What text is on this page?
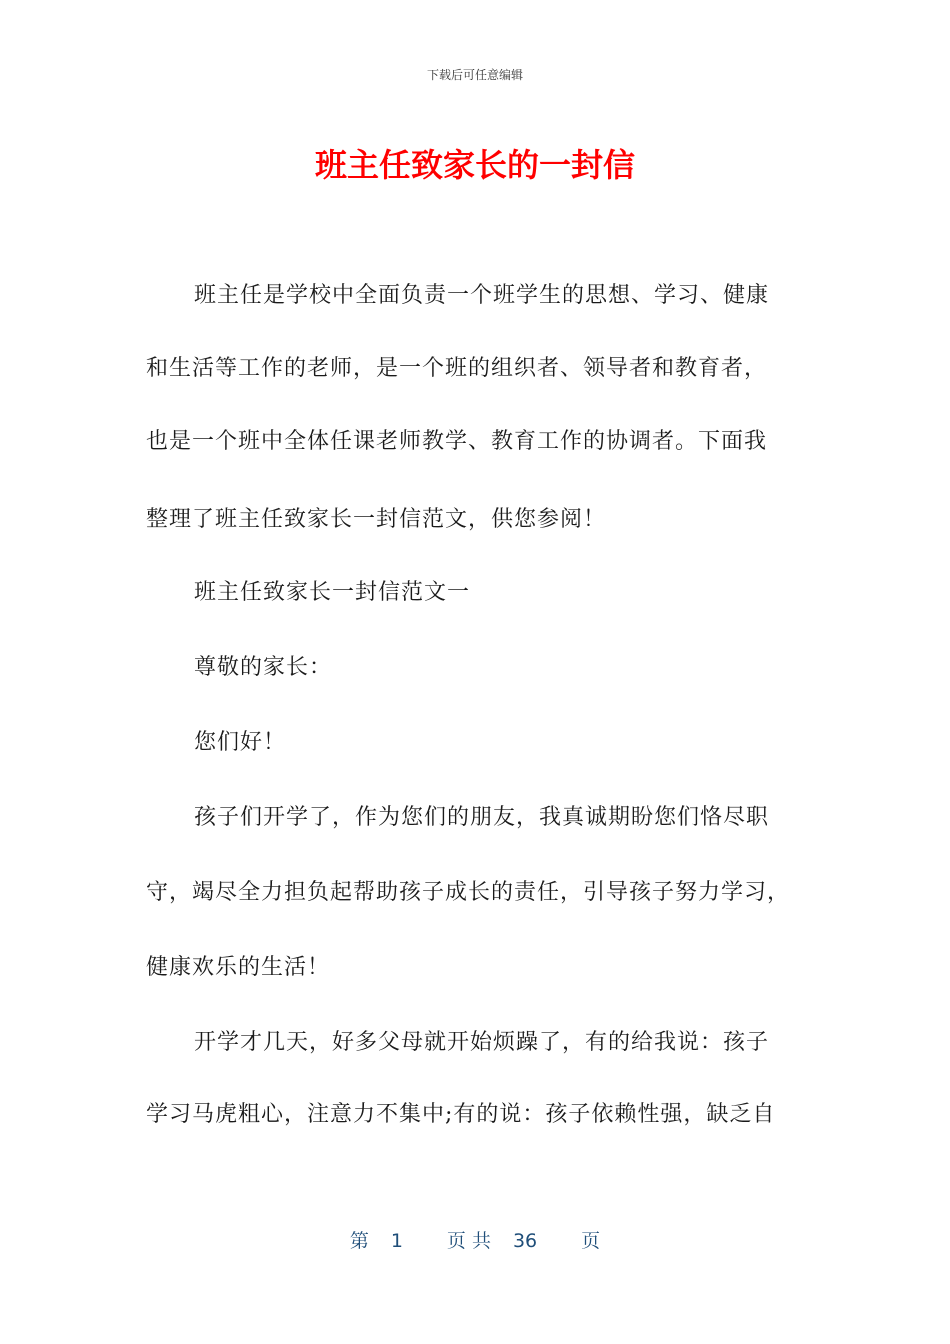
下载后可任意编辑
班主任致家长的一封信
班主任是学校中全面负责一个班学生的思想、学习、健康
和生活等工作的老师，是一个班的组织者、领导者和教育者，
也是一个班中全体任课老师教学、教育工作的协调者。下面我
整理了班主任致家长一封信范文，供您参阅！
班主任致家长一封信范文一
尊敬的家长：
您们好！
孩子们开学了，作为您们的朋友，我真诚期盼您们恪尽职
守，竭尽全力担负起帮助孩子成长的责任，引导孩子努力学习，
健康欢乐的生活！
开学才几天，好多父母就开始烦躁了，有的给我说：孩子
学习马虎粗心，注意力不集中;有的说：孩子依赖性强，缺乏自
第 1 页 共 36 页
